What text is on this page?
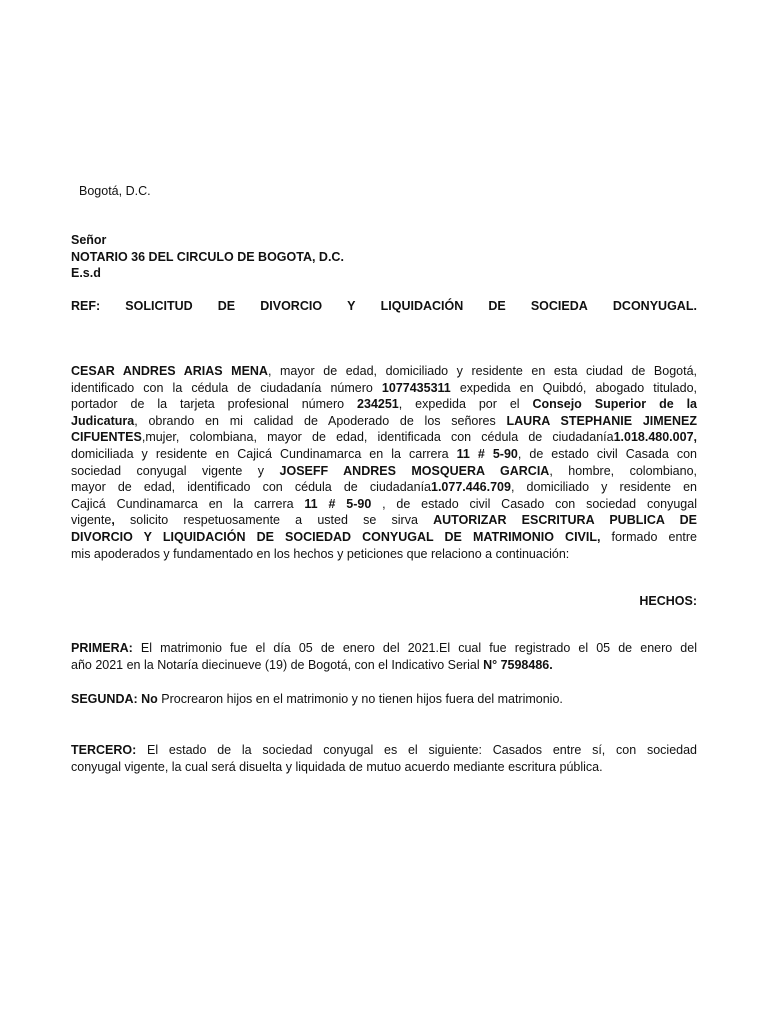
Bogotá, D.C.
Señor
NOTARIO 36 DEL CIRCULO DE BOGOTA, D.C.
E.s.d
REF: SOLICITUD DE DIVORCIO Y LIQUIDACIÓN DE SOCIEDA DCONYUGAL.
CESAR ANDRES ARIAS MENA, mayor de edad, domiciliado y residente en esta ciudad de Bogotá,
identificado con la cédula de ciudadanía número 1077435311 expedida en Quibdó, abogado titulado,
portador de la tarjeta profesional número 234251, expedida por el Consejo Superior de la
Judicatura, obrando en mi calidad de Apoderado de los señores LAURA STEPHANIE JIMENEZ
CIFUENTES,mujer, colombiana, mayor de edad, identificada con cédula de ciudadanía1.018.480.007,
domiciliada y residente en Cajicá Cundinamarca en la carrera 11 # 5-90, de estado civil Casada con
sociedad conyugal vigente y JOSEFF ANDRES MOSQUERA GARCIA, hombre, colombiano,
mayor de edad, identificado con cédula de ciudadanía1.077.446.709, domiciliado y residente en
Cajicá Cundinamarca en la carrera 11 # 5-90 , de estado civil Casado con sociedad conyugal
vigente, solicito respetuosamente a usted se sirva AUTORIZAR ESCRITURA PUBLICA DE
DIVORCIO Y LIQUIDACIÓN DE SOCIEDAD CONYUGAL DE MATRIMONIO CIVIL, formado entre
mis apoderados y fundamentado en los hechos y peticiones que relaciono a continuación:
HECHOS:
PRIMERA: El matrimonio fue el día 05 de enero del 2021.El cual fue registrado el 05 de enero del
año 2021 en la Notaría diecinueve (19) de Bogotá, con el Indicativo Serial N° 7598486.
SEGUNDA: No Procrearon hijos en el matrimonio y no tienen hijos fuera del matrimonio.
TERCERO: El estado de la sociedad conyugal es el siguiente: Casados entre sí, con sociedad
conyugal vigente, la cual será disuelta y liquidada de mutuo acuerdo mediante escritura pública.
